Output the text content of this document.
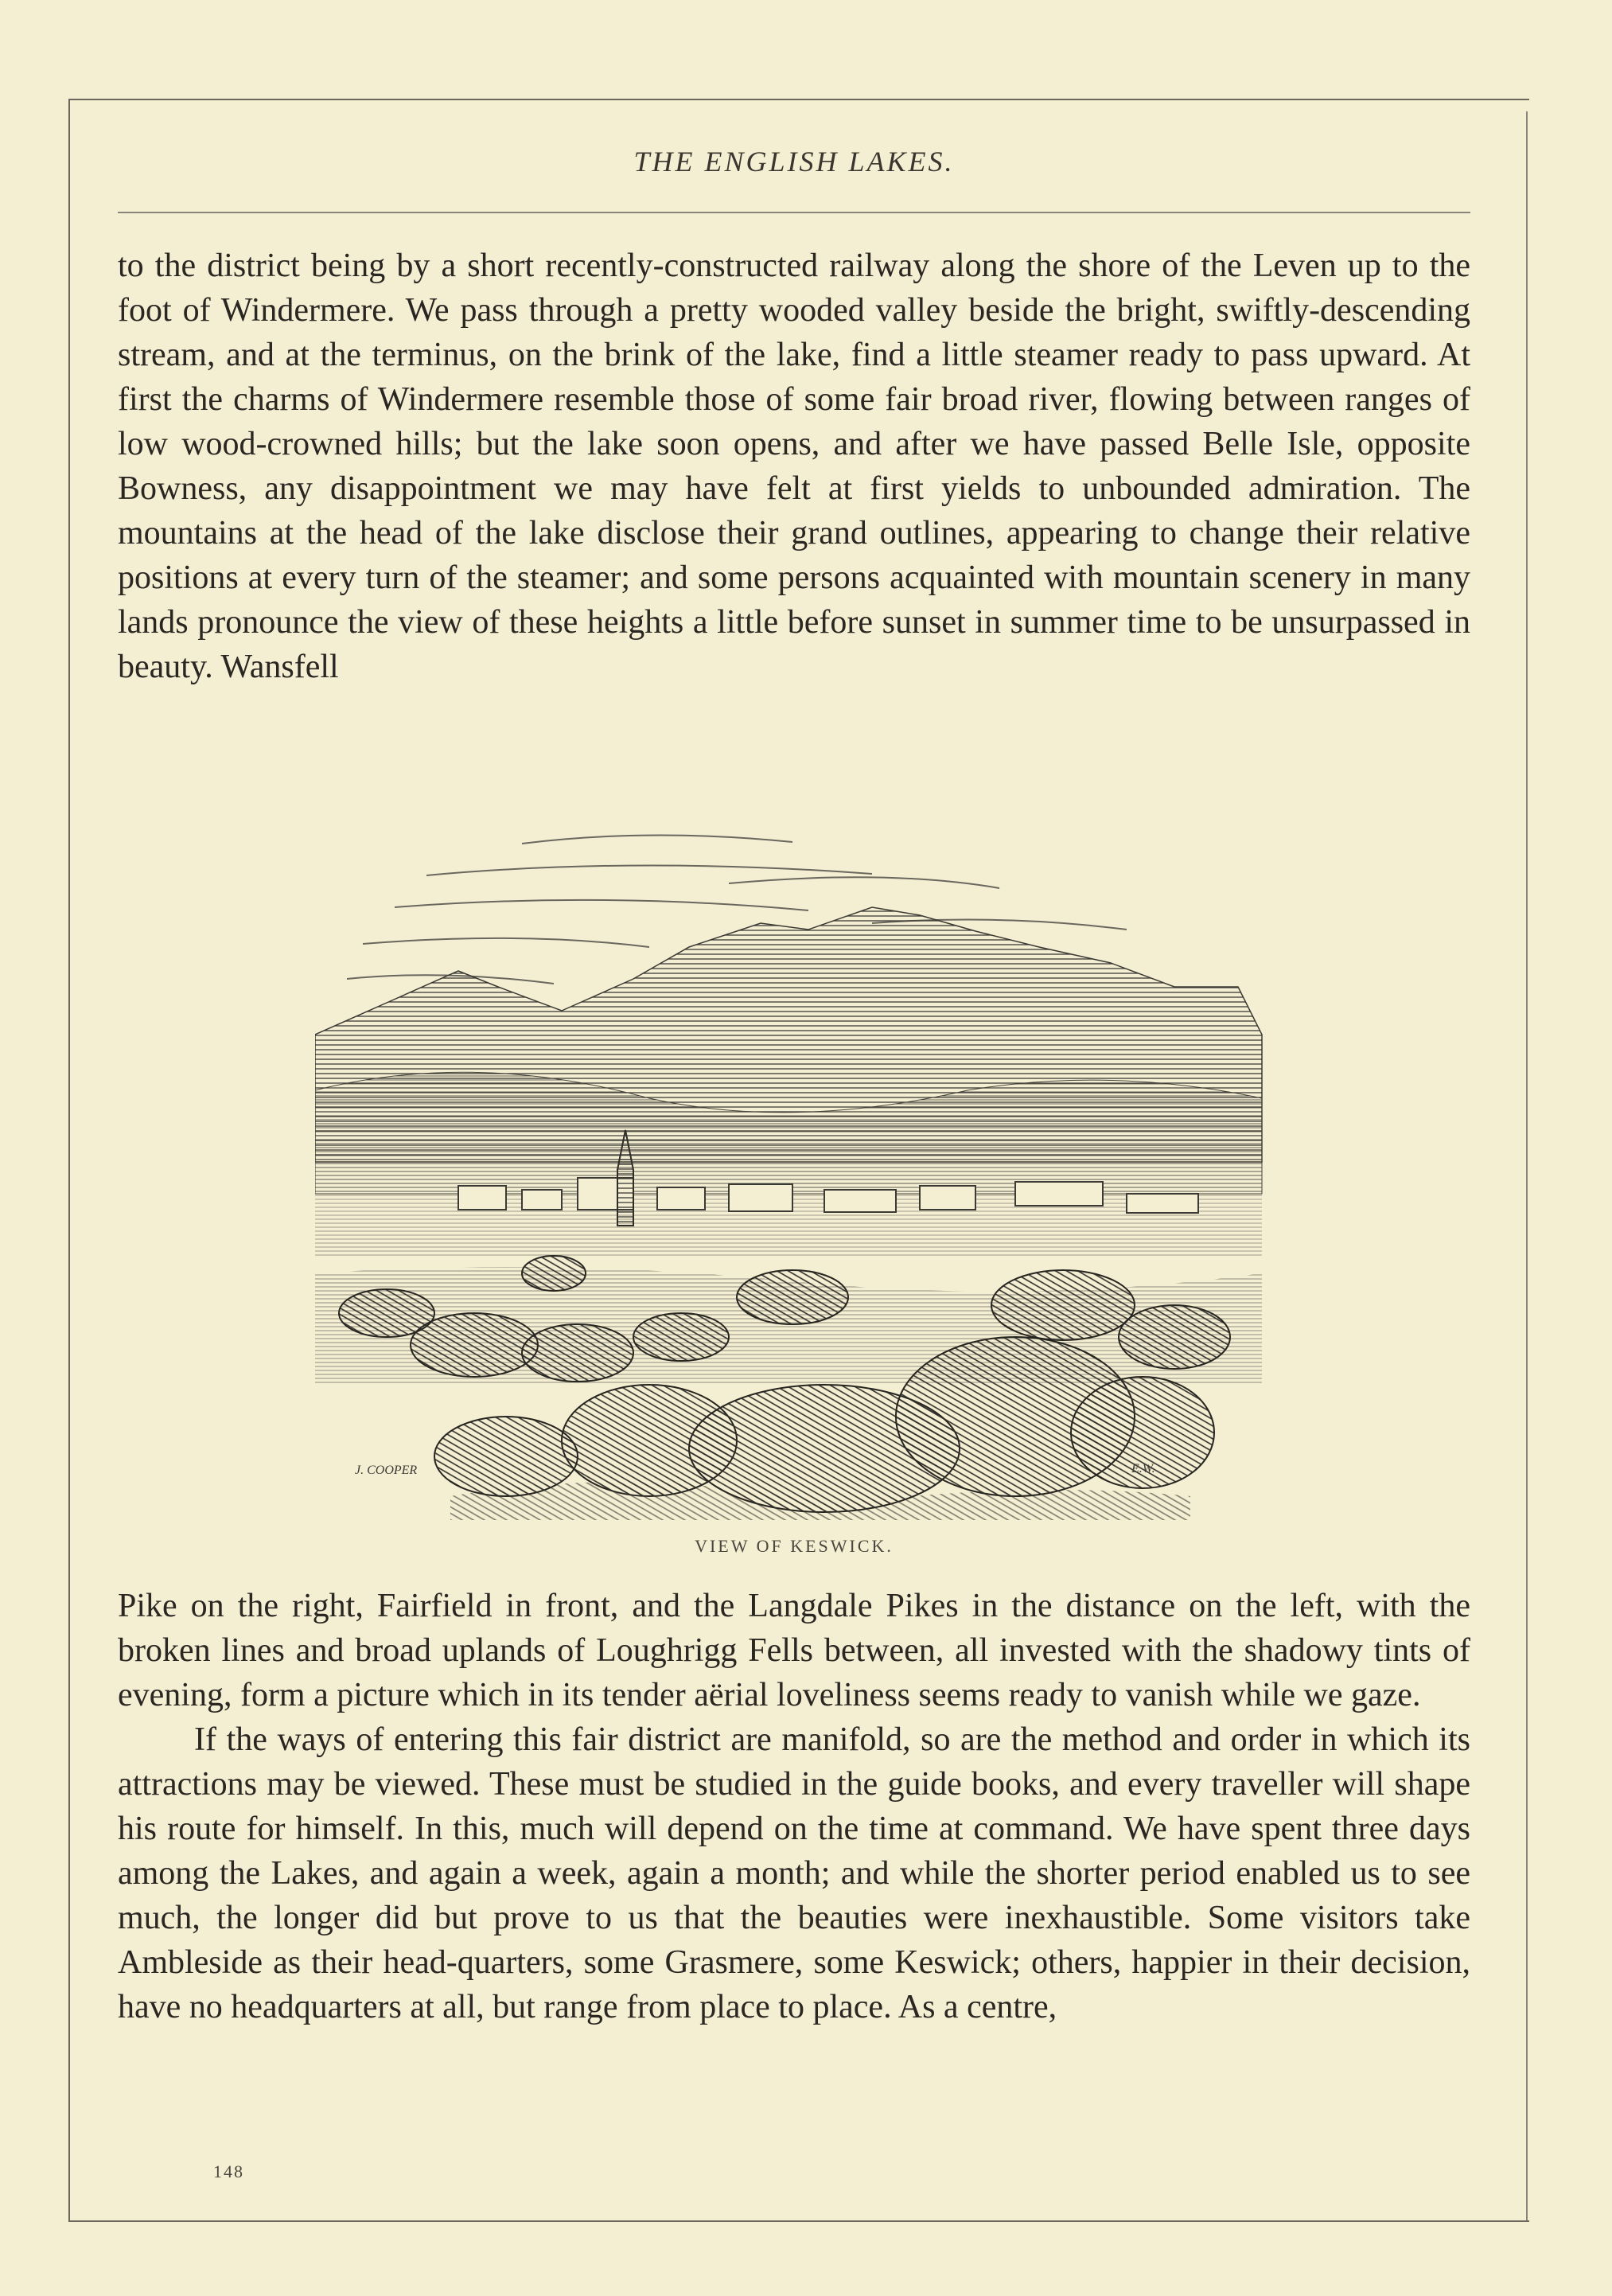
THE ENGLISH LAKES.

to the district being by a short recently-constructed railway along the shore of the Leven up to the foot of Windermere. We pass through a pretty wooded valley beside the bright, swiftly-descending stream, and at the terminus, on the brink of the lake, find a little steamer ready to pass upward. At first the charms of Windermere resemble those of some fair broad river, flowing between ranges of low wood-crowned hills; but the lake soon opens, and after we have passed Belle Isle, opposite Bowness, any disappointment we may have felt at first yields to unbounded admiration. The mountains at the head of the lake disclose their grand outlines, appearing to change their relative positions at every turn of the steamer; and some persons acquainted with mountain scenery in many lands pronounce the view of these heights a little before sunset in summer time to be unsurpassed in beauty. Wansfell

J. COOPER	E.W.
VIEW OF KESWICK.

Pike on the right, Fairfield in front, and the Langdale Pikes in the distance on the left, with the broken lines and broad uplands of Loughrigg Fells between, all invested with the shadowy tints of evening, form a picture which in its tender aërial loveliness seems ready to vanish while we gaze.

If the ways of entering this fair district are manifold, so are the method and order in which its attractions may be viewed. These must be studied in the guide books, and every traveller will shape his route for himself. In this, much will depend on the time at command. We have spent three days among the Lakes, and again a week, again a month; and while the shorter period enabled us to see much, the longer did but prove to us that the beauties were inexhaustible. Some visitors take Ambleside as their head-quarters, some Grasmere, some Keswick; others, happier in their decision, have no headquarters at all, but range from place to place. As a centre,

148
